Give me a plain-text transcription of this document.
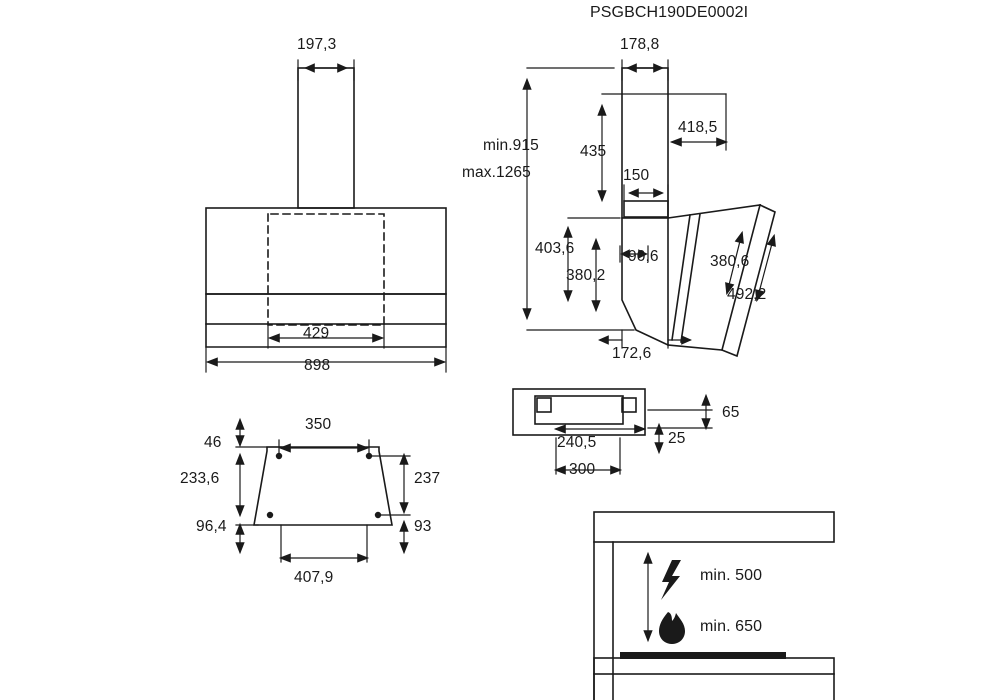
PSGBCH190DE0002I
197,3
429
898
178,8
min.915
max.1265
418,5
435
150
403,6
380,2
90,6	380,6
492,2
172,6
350
46
233,6	237
96,4	93
407,9
65
25
240,5
300
min. 500
min. 650
